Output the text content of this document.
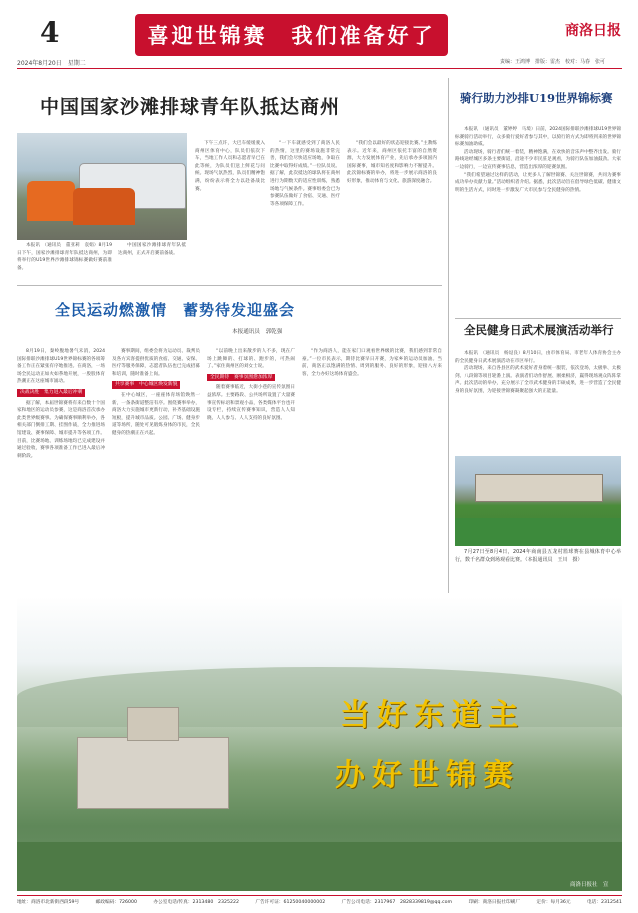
4	喜迎世锦赛　我们准备好了	商洛日报
2024年8月20日　星期二	责编：王鸿博　排版：雷杰　校对：马春　张可
中国国家沙滩排球青年队抵达商州

本报讯　（通讯员　董亚莉　袁娟）8月19日下午，国家沙滩排球青年队抵达商州，为即将举行的U19世界沙滩排球锦标赛做好赛前准备。

中国国家沙滩排球青年队抵达商州，正式开启赛前备战。

下午三点许，大巴车缓缓驶入商州区体育中心，队员们依次下车，当地工作人员和志愿者早已在此等候，为队员们送上鲜花与问候。现场气氛热烈，队员们精神饱满，纷纷表示将全力以赴备战比赛。

“一下车就感受到了商洛人民的热情，这里的赛场设施非常完善，我们会尽快适应场地，争取在比赛中取得好成绩。”一位队员说。据了解，此次抵达的球队将在商州进行为期数天的适应性训练，熟悉场地与气候条件。赛事组委会已为参赛队伍做好了食宿、交通、医疗等各项保障工作。

“我们会以最好的状态迎接比赛。”主教练表示。近年来，商州区依托丰富的自然资源，大力发展体育产业，先后承办多项国内国际赛事，城市知名度和影响力不断提升。此次锦标赛的举办，将进一步展示商洛的良好形象，推动体育与文化、旅游深度融合。

骑行助力沙排U19世界锦标赛

本报讯　（通讯员　董婷婷　马境）日前，2024国际排联沙滩排球U19世界锦标赛骑行活动举行，众多骑行爱好者参与其中，以骑行的方式为即将到来的世界锦标赛加油助威。

活动现场，骑行者们统一着装，精神饱满，在欢快的音乐声中整齐出发。骑行路线途经城区多条主要街道，沿途不少市民驻足观看，为骑行队伍加油鼓劲。大家一边骑行，一边宣传赛事信息，营造出浓厚的迎赛氛围。

“我们希望通过这样的活动，让更多人了解世锦赛、关注世锦赛，共同为赛事成功举办贡献力量。”活动组织者介绍。据悉，此次活动旨在倡导绿色低碳、健康文明的生活方式，同时进一步激发广大市民参与全民健身的热情。

全民健身日武术展演活动举行

本报讯　（通讯员　杨逗良）8月10日，由市体育局、市老年人体育协会主办的全民健身日武术展演活动在市区举行。

活动现场，来自各县区的武术爱好者身着统一服装，依次登场，太极拳、太极剑、八段锦等项目轮番上演。表演者们动作舒展、刚柔相济，赢得现场观众阵阵掌声。此次活动的举办，充分展示了全市武术健身的丰硕成果，进一步营造了全民健身的良好氛围，为迎接世锦赛凝聚起强大的正能量。

全民运动燃激情　蓄势待发迎盛会
本报通讯员　郭乾强

8月19日，秦岭腹地暑气未消，2024国际排联沙滩排球U19世界锦标赛的各项筹备工作正在紧张有序地推进。在商洛，一场场全民运动正如火如荼地开展，一股股体育热潮正在这座城市涌动。

决战决胜　集力进入最后冲刺

据了解，本届世锦赛将有来自数十个国家和地区的运动员参赛，这是商洛首次承办此类世界级赛事。为确保赛事顺利举办，各相关部门倒排工期、挂图作战，全力推进场馆建设、赛事保障、城市提升等各项工作。目前，比赛场地、训练场地均已完成建设并通过验收，赛事各项准备工作已进入最后冲刺阶段。

赛事期间，组委会将为运动员、裁判员及各方宾客提供优质的食宿、交通、安保、医疗等服务保障，志愿者队伍也已完成招募和培训，随时准备上岗。

共享赛事　中心城区焕发新貌

在中心城区，一座座体育场馆焕然一新，一条条街道整洁有序。围绕赛事举办，商洛大力实施城市更新行动，补齐基础设施短板，提升城市品质。公园、广场、健身步道等场所，随处可见锻炼身体的市民，全民健身的热潮正在兴起。

“以前晚上出来散步的人不多，现在广场上跳舞的、打球的、跑步的，可热闹了。”家住商州区的刘女士说。

全民期待　赛事氛围愈加浓厚

随着赛事临近，大街小巷的宣传氛围日益浓厚。主要路段、公共场所设置了大量赛事宣传标语和景观小品，各类媒体平台也开设专栏，持续宣传赛事知识，营造人人知晓、人人参与、人人支持的良好氛围。

“作为商洛人，能在家门口观看世界级的比赛，我们感到非常自豪。”一位市民表示，期待比赛早日开赛，为家乡的运动员加油。当前，商洛正以饱满的热情、周到的服务、良好的形象，迎接八方来客，全力办好这场体育盛会。

7月27日至8月4日，2024年商南县五龙村篮球赛在县城体育中心举行，数千名群众到场观看比赛。（本报通讯员　王川　摄）

当好东道主
办好世锦赛
商洛日报社　宣
地址：商洛市北新街西段59号	邮政编码：726000	办公室电话/传真：2313480　2325222	广告许可证：61250040000002	广告公司电话：2317967　2828339819@qq.com	印刷：商洛日报社印刷厂	定价：每月36元	电话：2312541
